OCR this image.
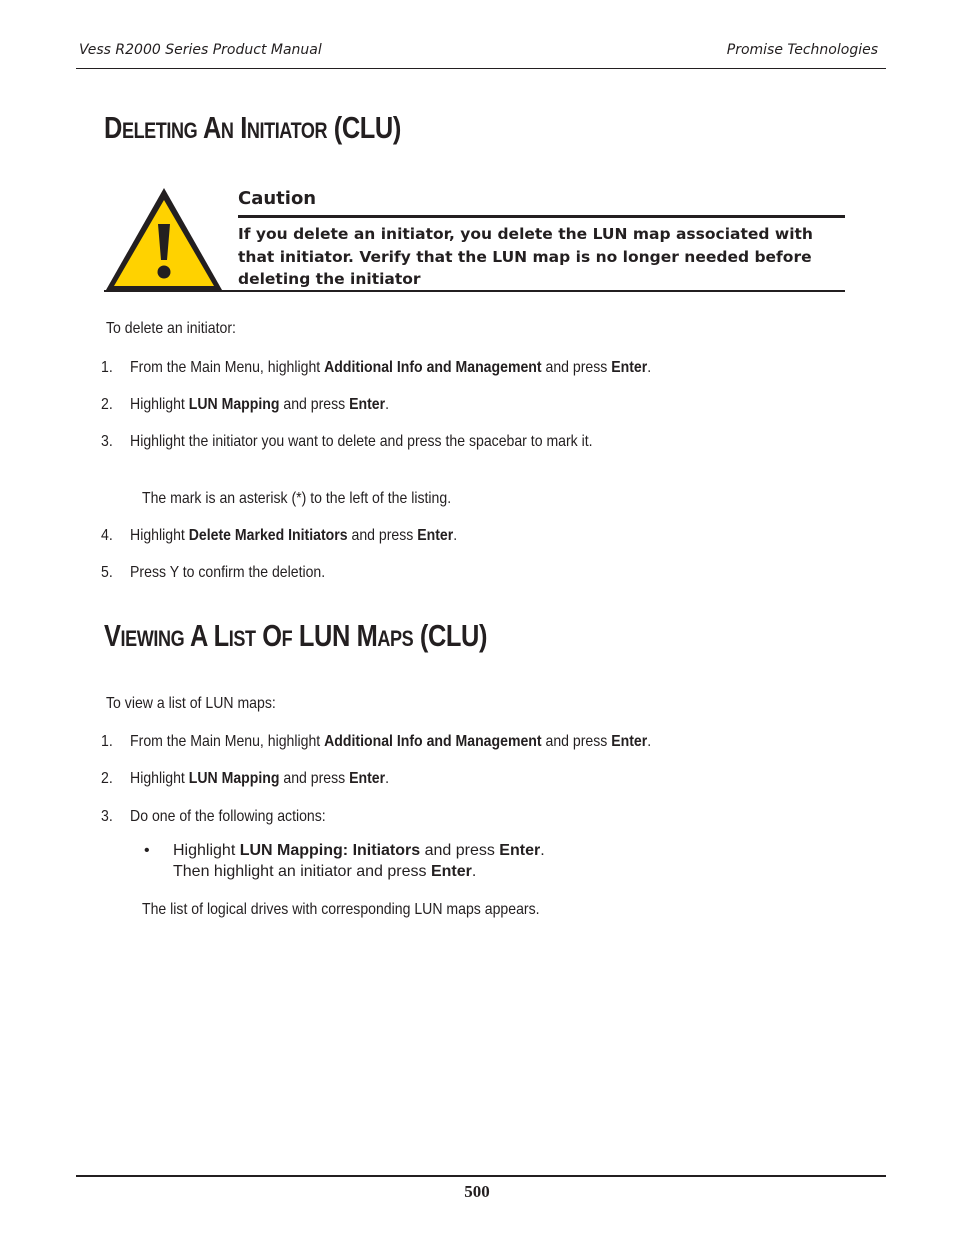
Vess R2000 Series Product Manual	Promise Technologies
DELETING AN INITIATOR (CLU)
Caution
If you delete an initiator, you delete the LUN map associated with that initiator. Verify that the LUN map is no longer needed before deleting the initiator
To delete an initiator:
1. From the Main Menu, highlight Additional Info and Management and press Enter.
2. Highlight LUN Mapping and press Enter.
3. Highlight the initiator you want to delete and press the spacebar to mark it.
The mark is an asterisk (*) to the left of the listing.
4. Highlight Delete Marked Initiators and press Enter.
5. Press Y to confirm the deletion.
VIEWING A LIST OF LUN MAPS (CLU)
To view a list of LUN maps:
1. From the Main Menu, highlight Additional Info and Management and press Enter.
2. Highlight LUN Mapping and press Enter.
3. Do one of the following actions:
• Highlight LUN Mapping: Initiators and press Enter.
Then highlight an initiator and press Enter.
The list of logical drives with corresponding LUN maps appears.
500
